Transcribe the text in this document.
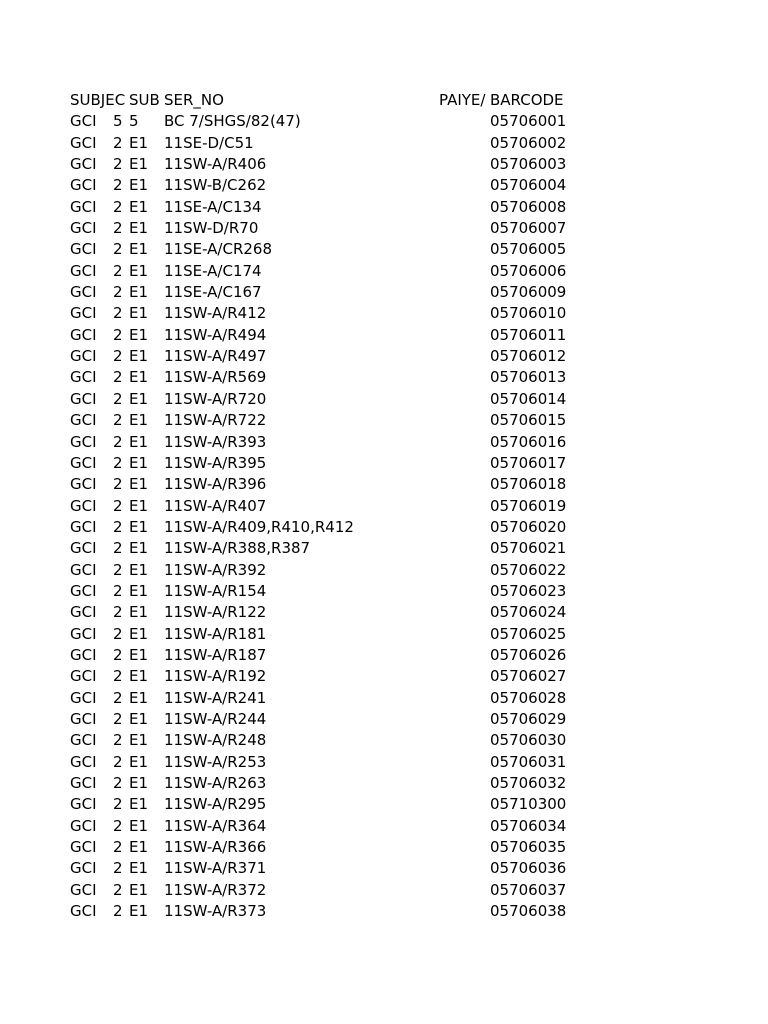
SUBJEC SUB SER_NO	PAIYE/ BARCODE
GCI	5 5	BC 7/SHGS/82(47)	05706001
GCI	2 E1	11SE-D/C51	05706002
GCI	2 E1	11SW-A/R406	05706003
GCI	2 E1	11SW-B/C262	05706004
GCI	2 E1	11SE-A/C134	05706008
GCI	2 E1	11SW-D/R70	05706007
GCI	2 E1	11SE-A/CR268	05706005
GCI	2 E1	11SE-A/C174	05706006
GCI	2 E1	11SE-A/C167	05706009
GCI	2 E1	11SW-A/R412	05706010
GCI	2 E1	11SW-A/R494	05706011
GCI	2 E1	11SW-A/R497	05706012
GCI	2 E1	11SW-A/R569	05706013
GCI	2 E1	11SW-A/R720	05706014
GCI	2 E1	11SW-A/R722	05706015
GCI	2 E1	11SW-A/R393	05706016
GCI	2 E1	11SW-A/R395	05706017
GCI	2 E1	11SW-A/R396	05706018
GCI	2 E1	11SW-A/R407	05706019
GCI	2 E1	11SW-A/R409,R410,R412	05706020
GCI	2 E1	11SW-A/R388,R387	05706021
GCI	2 E1	11SW-A/R392	05706022
GCI	2 E1	11SW-A/R154	05706023
GCI	2 E1	11SW-A/R122	05706024
GCI	2 E1	11SW-A/R181	05706025
GCI	2 E1	11SW-A/R187	05706026
GCI	2 E1	11SW-A/R192	05706027
GCI	2 E1	11SW-A/R241	05706028
GCI	2 E1	11SW-A/R244	05706029
GCI	2 E1	11SW-A/R248	05706030
GCI	2 E1	11SW-A/R253	05706031
GCI	2 E1	11SW-A/R263	05706032
GCI	2 E1	11SW-A/R295	05710300
GCI	2 E1	11SW-A/R364	05706034
GCI	2 E1	11SW-A/R366	05706035
GCI	2 E1	11SW-A/R371	05706036
GCI	2 E1	11SW-A/R372	05706037
GCI	2 E1	11SW-A/R373	05706038
